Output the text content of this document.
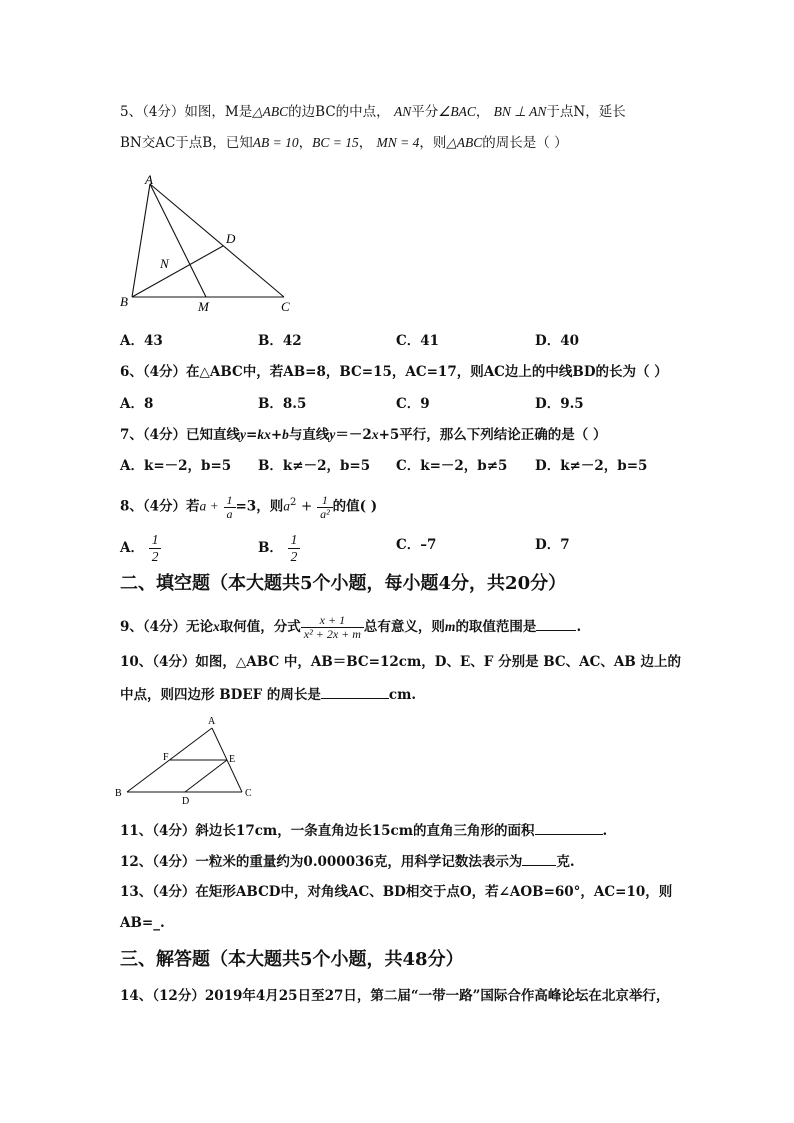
5、（4分）如图，M是△ABC的边BC的中点， AN平分∠BAC， BN ⊥ AN于点N，延长
BN交AC于点B，已知AB = 10，BC = 15， MN = 4，则△ABC的周长是（ ）
A
B	C
D
N
M
A．43	B．42	C．41	D．40
6、（4分）在△ABC中，若AB=8，BC=15，AC=17，则AC边上的中线BD的长为（ ）
A．8	B．8.5	C．9	D．9.5
7、（4分）已知直线y=kx+b与直线y＝－2x+5平行，那么下列结论正确的是（ ）
A．k=－2，b=5 B．k≠－2，b=5 C．k=－2，b≠5 D．k≠－2，b=5
8、（4分）若$a + \frac{1}{a} =3$，则$a^2 + \frac{1}{\text{a²}}$ 的值( )
A． $\frac{1}{2}$	B． $\frac{1}{2}$	C．–7	D．7
二、填空题（本大题共5个小题，每小题4分，共20分）
9、（4分）无论x取何值，分式 $\frac{x + 1}{\text{x² + 2x + m}}$ 总有意义，则m的取值范围是	.
10、（4分）如图，△ABC 中，AB＝BC=12cm，D、E、F 分别是 BC、AC、AB 边上的
中点，则四边形 BDEF 的周长是	cm.
A
B	C
D
E
F
11、（4分）斜边长17cm，一条直角边长15cm的直角三角形的面积	.
12、（4分）一粒米的重量约为0.000036克，用科学记数法表示为	克.
13、（4分）在矩形ABCD中，对角线AC、BD相交于点O，若∠AOB=60°，AC=10，则
AB=_.
三、解答题（本大题共5个小题，共48分）
14、（12分）2019年4月25日至27日，第二届“一带一路”国际合作高峰论坛在北京举行，
